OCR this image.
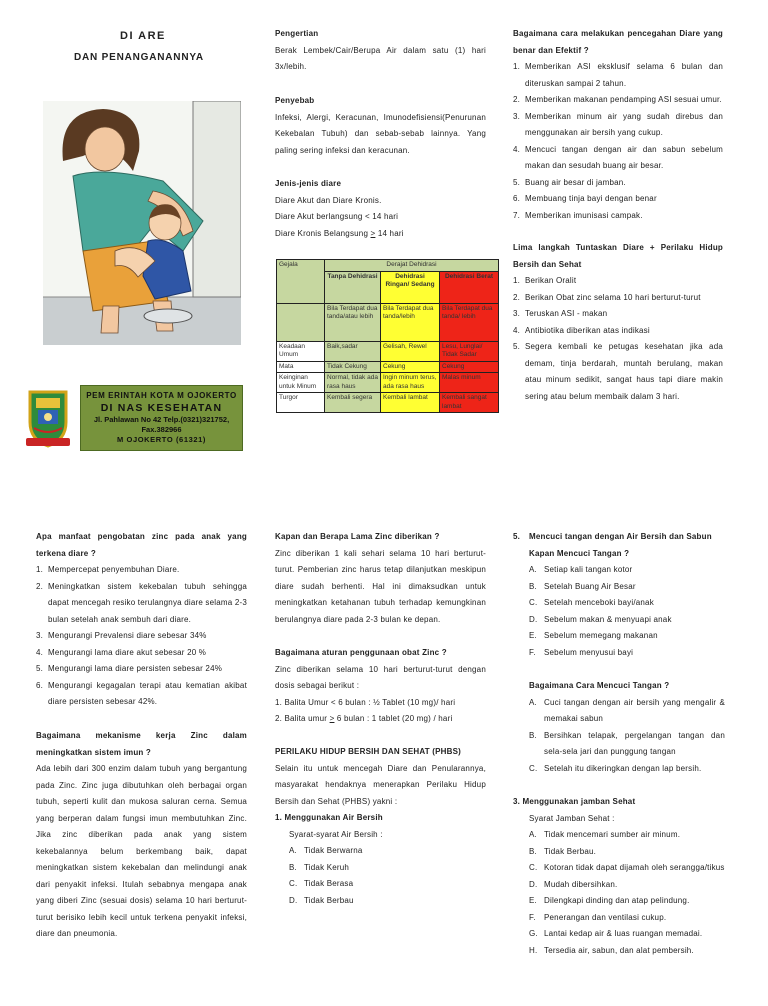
DI ARE
DAN PENANGANANNYA
PEM ERINTAH KOTA M OJOKERTO
DI NAS KESEHATAN
Jl. Pahlawan No 42 Telp.(0321)321752,
Fax.382966
M OJOKERTO (61321)
Pengertian
Berak Lembek/Cair/Berupa Air dalam satu (1) hari 3x/lebih.
Penyebab
Infeksi, Alergi, Keracunan, Imunodefisiensi(Penurunan Kekebalan Tubuh) dan sebab-sebab lainnya. Yang paling sering infeksi dan keracunan.
Jenis-jenis diare
Diare Akut dan Diare Kronis.
Diare Akut berlangsung < 14 hari
Diare Kronis Belangsung > 14 hari
Gejala	Derajat Dehidrasi		
	Tanpa Dehidrasi	Dehidrasi Ringan/ Sedang	Dehidrasi Berat
	Bila Terdapat dua tanda/atau lebih	Bila Terdapat dua tanda/lebih	Bila Terdapat dua tanda/ lebih
Keadaan Umum	Baik,sadar	Gelisah, Rewel	Lesu, Lunglai/ Tidak Sadar
Mata	Tidak Cekung	Cekung	Cekung
Keinginan untuk Minum	Normal, tidak ada rasa haus	Ingin minum terus, ada rasa haus	Malas minum
Turgor	Kembali segera	Kembali lambat	Kembali sangat lambat
Bagaimana cara melakukan pencegahan Diare yang benar dan Efektif ?
1. Memberikan ASI eksklusif selama 6 bulan dan diteruskan sampai 2 tahun.
2. Memberikan makanan pendamping ASI sesuai umur.
3. Memberikan minum air yang sudah direbus dan menggunakan air bersih yang cukup.
4. Mencuci tangan dengan air dan sabun sebelum makan dan sesudah buang air besar.
5. Buang air besar di jamban.
6. Membuang tinja bayi dengan benar
7. Memberikan imunisasi campak.
Lima langkah Tuntaskan Diare + Perilaku Hidup Bersih dan Sehat
1. Berikan Oralit
2. Berikan Obat zinc selama 10 hari berturut-turut
3. Teruskan ASI - makan
4. Antibiotika diberikan atas indikasi
5. Segera kembali ke petugas kesehatan jika ada demam, tinja berdarah, muntah berulang, makan atau minum sedikit, sangat haus tapi diare makin sering atau belum membaik dalam 3 hari.
Apa manfaat pengobatan zinc pada anak yang terkena diare ?
1. Mempercepat penyembuhan Diare.
2. Meningkatkan sistem kekebalan tubuh sehingga dapat mencegah resiko terulangnya diare selama 2-3 bulan setelah anak sembuh dari diare.
3. Mengurangi Prevalensi diare sebesar 34%
4. Mengurangi lama diare akut sebesar 20 %
5. Mengurangi lama diare persisten sebesar 24%
6. Mengurangi kegagalan terapi atau kematian akibat diare persisten sebesar 42%.
Bagaimana mekanisme kerja Zinc dalam meningkatkan sistem imun ?
Ada lebih dari 300 enzim dalam tubuh yang bergantung pada Zinc. Zinc juga dibutuhkan oleh berbagai organ tubuh, seperti kulit dan mukosa saluran cerna. Semua yang berperan dalam fungsi imun membutuhkan Zinc. Jika zinc diberikan pada anak yang sistem kekebalannya belum berkembang baik, dapat meningkatkan sistem kekebalan dan melindungi anak dari penyakit infeksi. Itulah sebabnya mengapa anak yang diberi Zinc (sesuai dosis) selama 10 hari berturut-turut berisiko lebih kecil untuk terkena penyakit infeksi, diare dan pneumonia.
Kapan dan Berapa Lama Zinc diberikan ?
Zinc diberikan 1 kali sehari selama 10 hari berturut-turut. Pemberian zinc harus tetap dilanjutkan meskipun diare sudah berhenti. Hal ini dimaksudkan untuk meningkatkan ketahanan tubuh terhadap kemungkinan berulangnya diare pada 2-3 bulan ke depan.
Bagaimana aturan penggunaan obat Zinc ?
Zinc diberikan selama 10 hari berturut-turut dengan dosis sebagai berikut :
1. Balita Umur < 6 bulan : ½ Tablet (10 mg)/ hari
2. Balita umur > 6 bulan : 1 tablet (20 mg) / hari
PERILAKU HIDUP BERSIH DAN SEHAT (PHBS)
Selain itu untuk mencegah Diare dan Penularannya, masyarakat hendaknya menerapkan Perilaku Hidup Bersih dan Sehat (PHBS) yakni :
1. Menggunakan Air Bersih
Syarat-syarat Air Bersih :
A. Tidak Berwarna
B. Tidak Keruh
C. Tidak Berasa
D. Tidak Berbau
5.	Mencuci tangan dengan Air Bersih dan Sabun
Kapan Mencuci Tangan ?
A. Setiap kali tangan kotor
B. Setelah Buang Air Besar
C. Setelah menceboki bayi/anak
D. Sebelum makan & menyuapi anak
E. Sebelum memegang makanan
F.	Sebelum menyusui bayi
Bagaimana Cara Mencuci Tangan ?
A. Cuci tangan dengan air bersih yang mengalir & memakai sabun
B. Bersihkan telapak, pergelangan tangan dan sela-sela jari dan punggung tangan
C. Setelah itu dikeringkan dengan lap bersih.
3. Menggunakan jamban Sehat
Syarat Jamban Sehat :
A. Tidak mencemari sumber air minum.
B. Tidak Berbau.
C. Kotoran tidak dapat dijamah oleh serangga/tikus
D. Mudah dibersihkan.
E. Dilengkapi dinding dan atap pelindung.
F.	Penerangan dan ventilasi cukup.
G. Lantai kedap air & luas ruangan memadai.
H. Tersedia air, sabun, dan alat pembersih.
